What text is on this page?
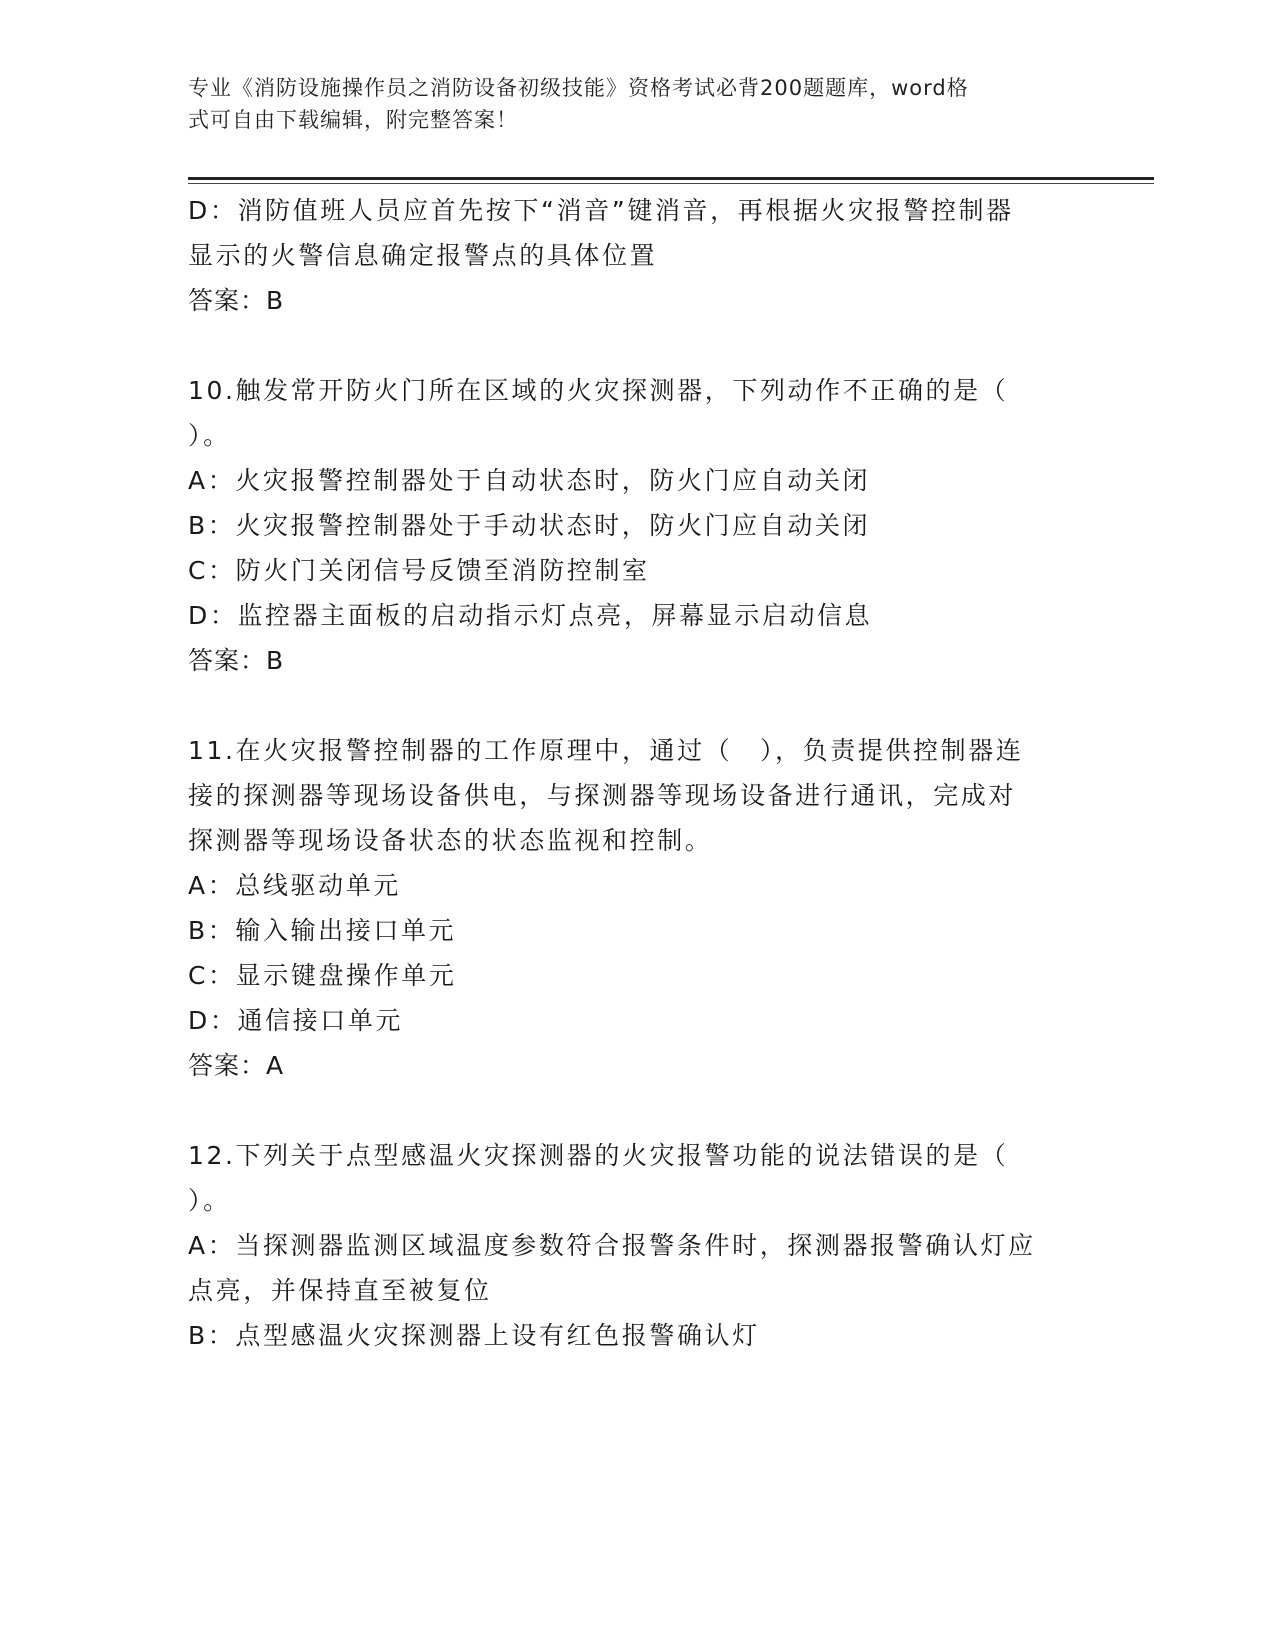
专业《消防设施操作员之消防设备初级技能》资格考试必背200题题库，word格
式可自由下载编辑，附完整答案！

D：消防值班人员应首先按下“消音”键消音，再根据火灾报警控制器

显示的火警信息确定报警点的具体位置

答案：B

10.触发常开防火门所在区域的火灾探测器，下列动作不正确的是（

）。

A：火灾报警控制器处于自动状态时，防火门应自动关闭

B：火灾报警控制器处于手动状态时，防火门应自动关闭

C：防火门关闭信号反馈至消防控制室

D：监控器主面板的启动指示灯点亮，屏幕显示启动信息

答案：B

11.在火灾报警控制器的工作原理中，通过（　），负责提供控制器连

接的探测器等现场设备供电，与探测器等现场设备进行通讯，完成对

探测器等现场设备状态的状态监视和控制。

A：总线驱动单元

B：输入输出接口单元

C：显示键盘操作单元

D：通信接口单元

答案：A

12.下列关于点型感温火灾探测器的火灾报警功能的说法错误的是（

）。

A：当探测器监测区域温度参数符合报警条件时，探测器报警确认灯应

点亮，并保持直至被复位

B：点型感温火灾探测器上设有红色报警确认灯
